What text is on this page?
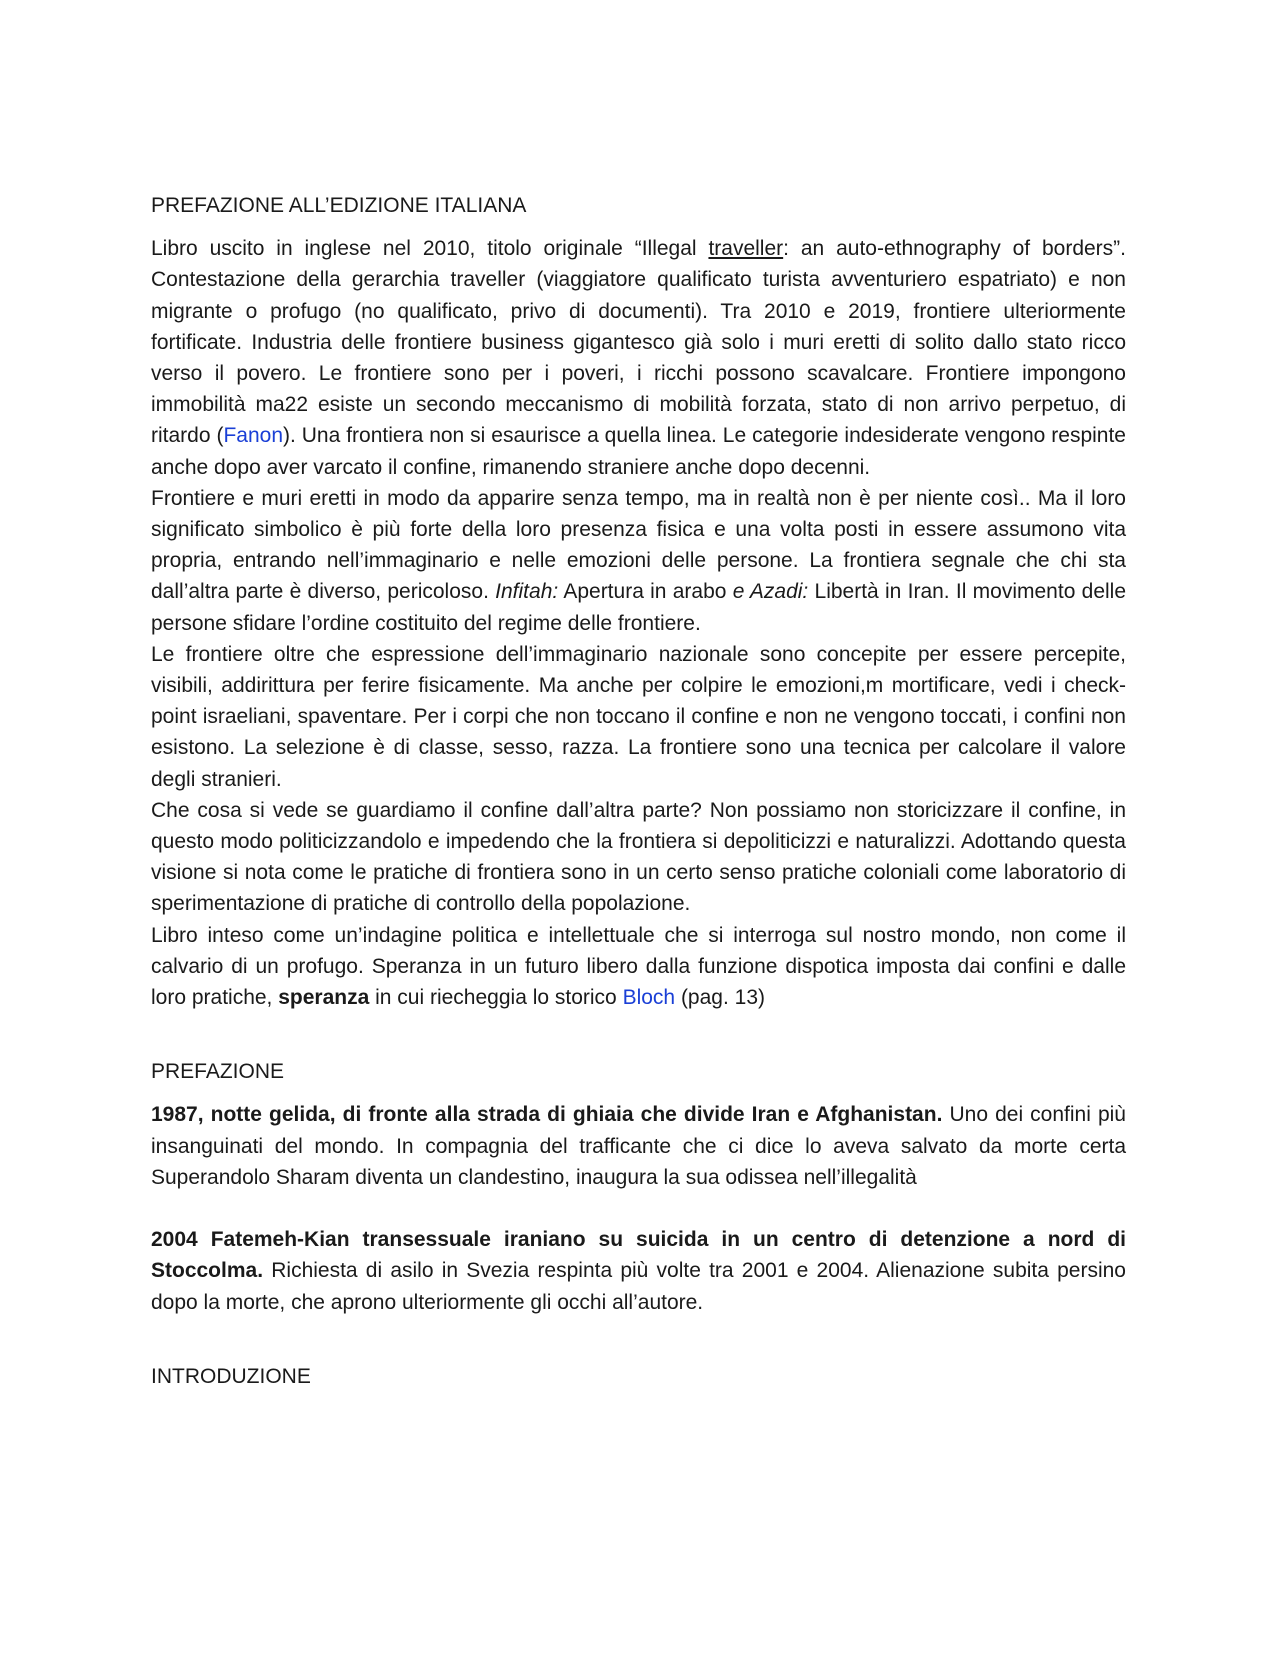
PREFAZIONE ALL’EDIZIONE ITALIANA

Libro uscito in inglese nel 2010, titolo originale “Illegal traveller: an auto-ethnography of borders”. Contestazione della gerarchia traveller (viaggiatore qualificato turista avventuriero espatriato) e non migrante o profugo (no qualificato, privo di documenti). Tra 2010 e 2019, frontiere ulteriormente fortificate. Industria delle frontiere business gigantesco già solo i muri eretti di solito dallo stato ricco verso il povero. Le frontiere sono per i poveri, i ricchi possono scavalcare. Frontiere impongono immobilità ma22 esiste un secondo meccanismo di mobilità forzata, stato di non arrivo perpetuo, di ritardo (Fanon). Una frontiera non si esaurisce a quella linea. Le categorie indesiderate vengono respinte anche dopo aver varcato il confine, rimanendo straniere anche dopo decenni.

Frontiere e muri eretti in modo da apparire senza tempo, ma in realtà non è per niente così.. Ma il loro significato simbolico è più forte della loro presenza fisica e una volta posti in essere assumono vita propria, entrando nell’immaginario e nelle emozioni delle persone. La frontiera segnale che chi sta dall’altra parte è diverso, pericoloso. Infitah: Apertura in arabo e Azadi: Libertà in Iran. Il movimento delle persone sfidare l’ordine costituito del regime delle frontiere.

Le frontiere oltre che espressione dell’immaginario nazionale sono concepite per essere percepite, visibili, addirittura per ferire fisicamente. Ma anche per colpire le emozioni,m mortificare, vedi i check-point israeliani, spaventare. Per i corpi che non toccano il confine e non ne vengono toccati, i confini non esistono. La selezione è di classe, sesso, razza. La frontiere sono una tecnica per calcolare il valore degli stranieri.

Che cosa si vede se guardiamo il confine dall’altra parte? Non possiamo non storicizzare il confine, in questo modo politicizzandolo e impedendo che la frontiera si depoliticizzi e naturalizzi. Adottando questa visione si nota come le pratiche di frontiera sono in un certo senso pratiche coloniali come laboratorio di sperimentazione di pratiche di controllo della popolazione.

Libro inteso come un’indagine politica e intellettuale che si interroga sul nostro mondo, non come il calvario di un profugo. Speranza in un futuro libero dalla funzione dispotica imposta dai confini e dalle loro pratiche, speranza in cui riecheggia lo storico Bloch (pag. 13)

PREFAZIONE

1987, notte gelida, di fronte alla strada di ghiaia che divide Iran e Afghanistan. Uno dei confini più insanguinati del mondo. In compagnia del trafficante che ci dice lo aveva salvato da morte certa Superandolo Sharam diventa un clandestino, inaugura la sua odissea nell’illegalità

2004 Fatemeh-Kian transessuale iraniano su suicida in un centro di detenzione a nord di Stoccolma. Richiesta di asilo in Svezia respinta più volte tra 2001 e 2004. Alienazione subita persino dopo la morte, che aprono ulteriormente gli occhi all’autore.

INTRODUZIONE
